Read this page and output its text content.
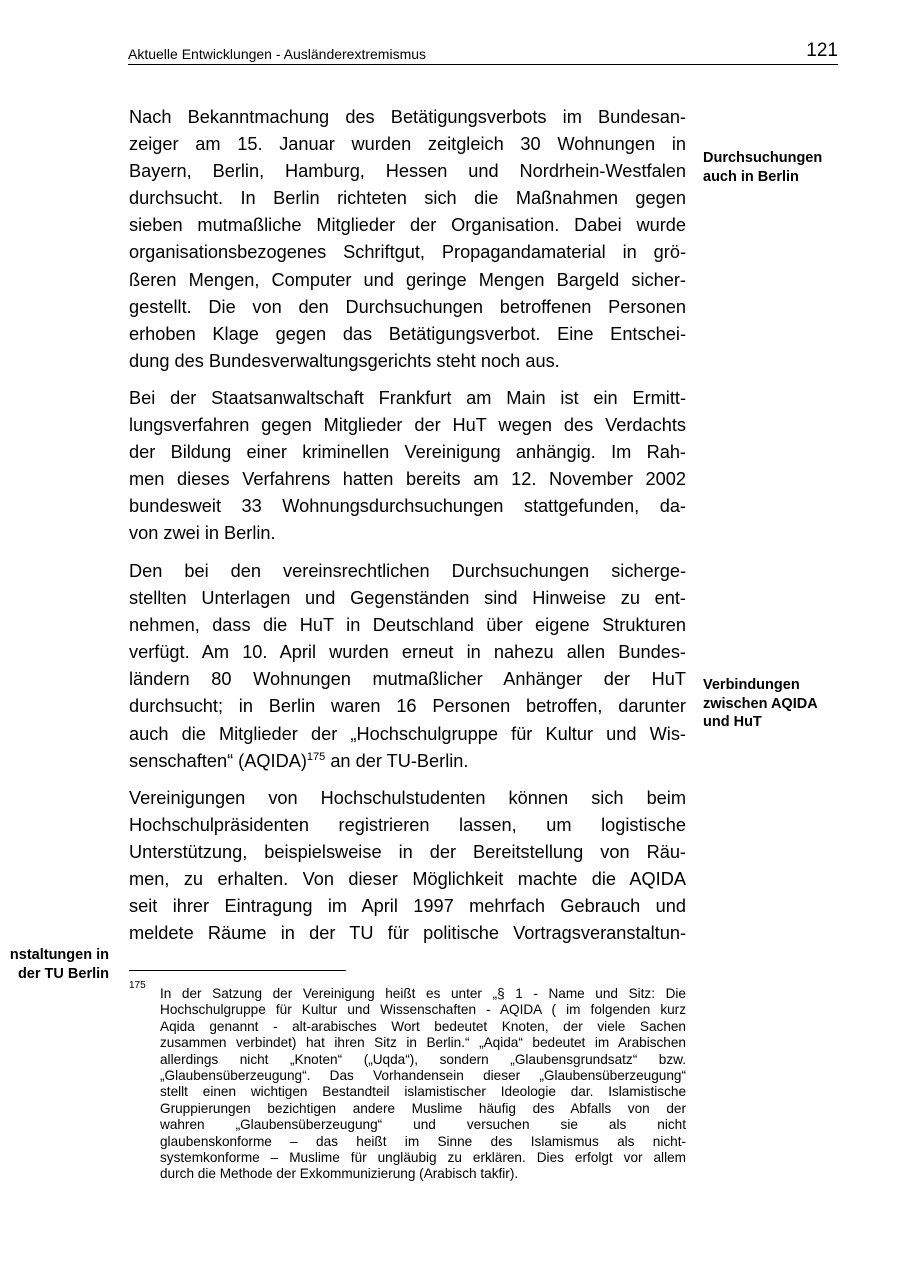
Aktuelle Entwicklungen - Ausländerextremismus	121
Nach Bekanntmachung des Betätigungsverbots im Bundesan-
zeiger am 15. Januar wurden zeitgleich 30 Wohnungen in
Bayern, Berlin, Hamburg, Hessen und Nordrhein-Westfalen
durchsucht. In Berlin richteten sich die Maßnahmen gegen
sieben mutmaßliche Mitglieder der Organisation. Dabei wurde
organisationsbezogenes Schriftgut, Propagandamaterial in grö-
ßeren Mengen, Computer und geringe Mengen Bargeld sicher-
gestellt. Die von den Durchsuchungen betroffenen Personen
erhoben Klage gegen das Betätigungsverbot. Eine Entschei-
dung des Bundesverwaltungsgerichts steht noch aus.
Bei der Staatsanwaltschaft Frankfurt am Main ist ein Ermitt-
lungsverfahren gegen Mitglieder der HuT wegen des Verdachts
der Bildung einer kriminellen Vereinigung anhängig. Im Rah-
men dieses Verfahrens hatten bereits am 12. November 2002
bundesweit 33 Wohnungsdurchsuchungen stattgefunden, da-
von zwei in Berlin.
Den bei den vereinsrechtlichen Durchsuchungen sicherge-
stellten Unterlagen und Gegenständen sind Hinweise zu ent-
nehmen, dass die HuT in Deutschland über eigene Strukturen
verfügt. Am 10. April wurden erneut in nahezu allen Bundes-
ländern 80 Wohnungen mutmaßlicher Anhänger der HuT
durchsucht; in Berlin waren 16 Personen betroffen, darunter
auch die Mitglieder der „Hochschulgruppe für Kultur und Wis-
senschaften“ (AQIDA)$^{175}$ an der TU-Berlin.
Vereinigungen von Hochschulstudenten können sich beim
Hochschulpräsidenten registrieren lassen, um logistische
Unterstützung, beispielsweise in der Bereitstellung von Räu-
men, zu erhalten. Von dieser Möglichkeit machte die AQIDA
seit ihrer Eintragung im April 1997 mehrfach Gebrauch und
meldete Räume in der TU für politische Vortragsveranstaltun-
Durchsuchungen
auch in Berlin
Verbindungen
zwischen AQIDA
und HuT
nstaltungen in
der TU Berlin
175
In der Satzung der Vereinigung heißt es unter „§ 1 - Name und Sitz: Die
Hochschulgruppe für Kultur und Wissenschaften - AQIDA ( im folgenden kurz
Aqida genannt - alt-arabisches Wort bedeutet Knoten, der viele Sachen
zusammen verbindet) hat ihren Sitz in Berlin.“ „Aqida“ bedeutet im Arabischen
allerdings nicht „Knoten“ („Uqda“), sondern „Glaubensgrundsatz“ bzw.
„Glaubensüberzeugung“. Das Vorhandensein dieser „Glaubensüberzeugung“
stellt einen wichtigen Bestandteil islamistischer Ideologie dar. Islamistische
Gruppierungen bezichtigen andere Muslime häufig des Abfalls von der
wahren „Glaubensüberzeugung“ und versuchen sie als nicht
glaubenskonforme – das heißt im Sinne des Islamismus als nicht-
systemkonforme – Muslime für ungläubig zu erklären. Dies erfolgt vor allem
durch die Methode der Exkommunizierung (Arabisch takfir).
